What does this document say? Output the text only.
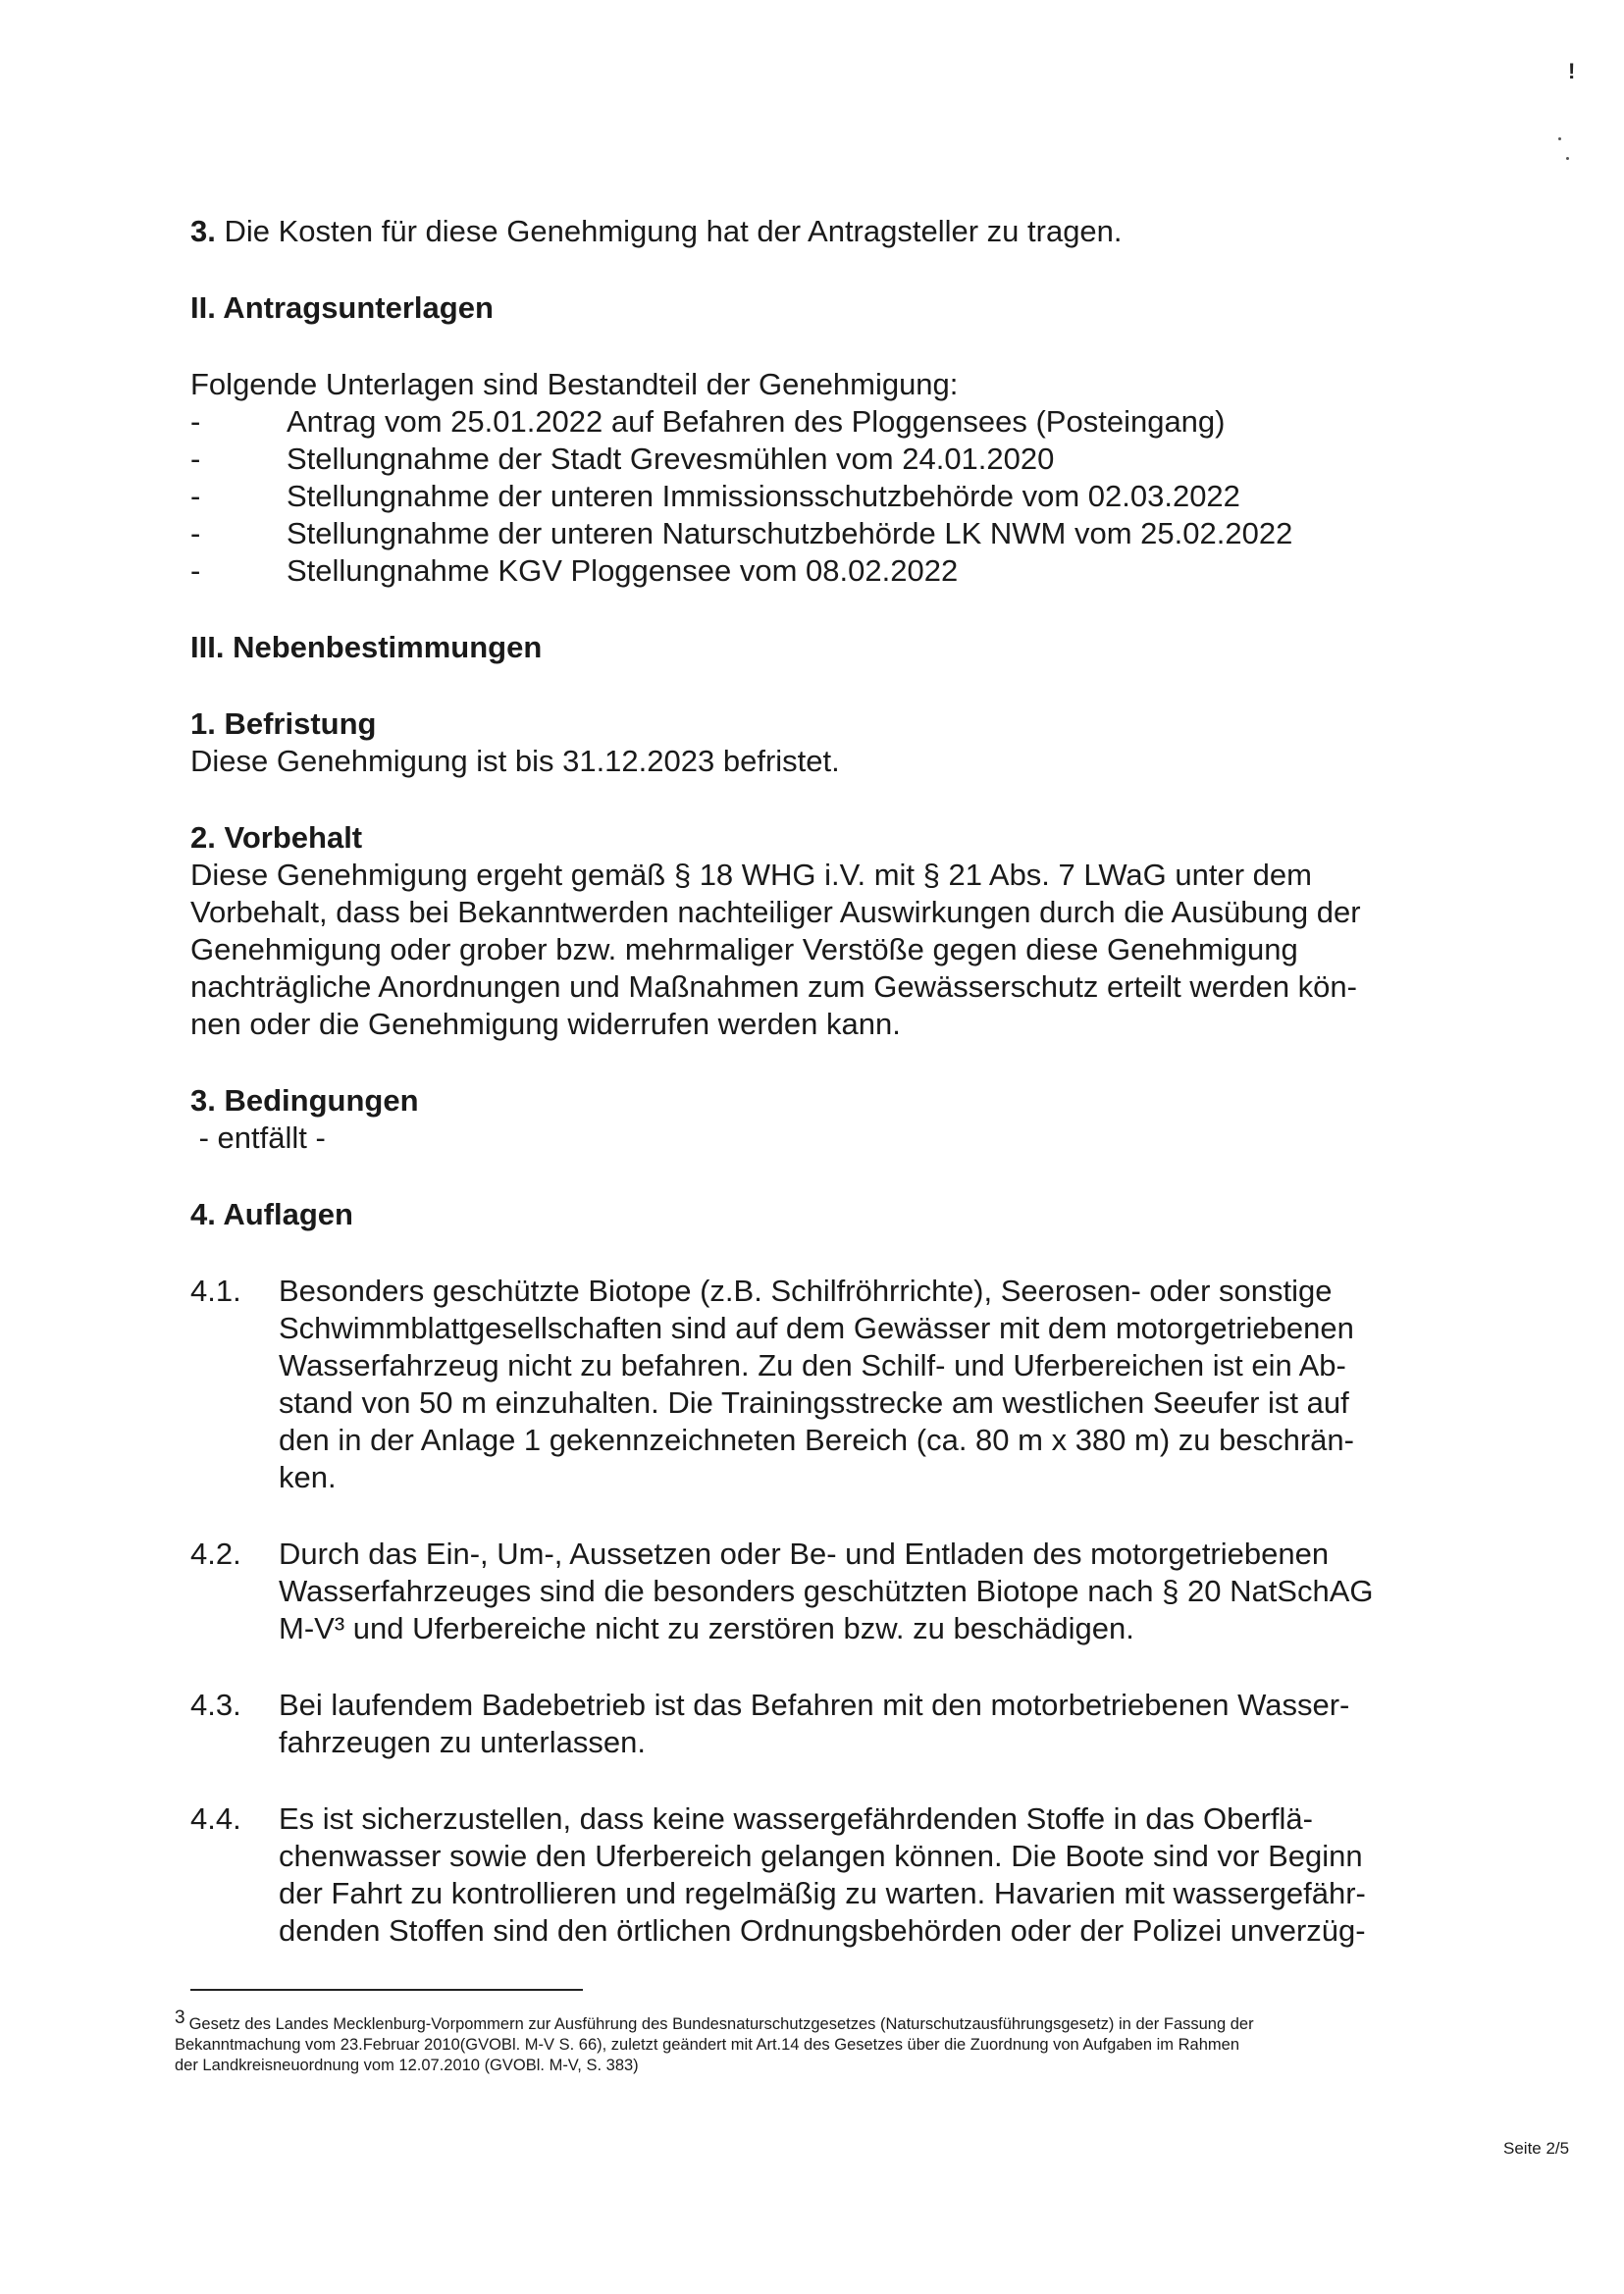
!
3. Die Kosten für diese Genehmigung hat der Antragsteller zu tragen.
II. Antragsunterlagen
Folgende Unterlagen sind Bestandteil der Genehmigung:
-	Antrag vom 25.01.2022 auf Befahren des Ploggensees (Posteingang)
-	Stellungnahme der Stadt Grevesmühlen vom 24.01.2020
-	Stellungnahme der unteren Immissionsschutzbehörde vom 02.03.2022
-	Stellungnahme der unteren Naturschutzbehörde LK NWM vom 25.02.2022
-	Stellungnahme KGV Ploggensee vom 08.02.2022
III. Nebenbestimmungen
1. Befristung
Diese Genehmigung ist bis 31.12.2023 befristet.
2. Vorbehalt
Diese Genehmigung ergeht gemäß § 18 WHG i.V. mit § 21 Abs. 7 LWaG unter dem
Vorbehalt, dass bei Bekanntwerden nachteiliger Auswirkungen durch die Ausübung der
Genehmigung oder grober bzw. mehrmaliger Verstöße gegen diese Genehmigung
nachträgliche Anordnungen und Maßnahmen zum Gewässerschutz erteilt werden kön-
nen oder die Genehmigung widerrufen werden kann.
3. Bedingungen
- entfällt -
4. Auflagen
4.1.	Besonders geschützte Biotope (z.B. Schilfröhrrichte), Seerosen- oder sonstige
Schwimmblattgesellschaften sind auf dem Gewässer mit dem motorgetriebenen
Wasserfahrzeug nicht zu befahren. Zu den Schilf- und Uferbereichen ist ein Ab-
stand von 50 m einzuhalten. Die Trainingsstrecke am westlichen Seeufer ist auf
den in der Anlage 1 gekennzeichneten Bereich (ca. 80 m x 380 m) zu beschrän-
ken.
4.2.	Durch das Ein-, Um-, Aussetzen oder Be- und Entladen des motorgetriebenen
Wasserfahrzeuges sind die besonders geschützten Biotope nach § 20 NatSchAG
M-V³ und Uferbereiche nicht zu zerstören bzw. zu beschädigen.
4.3.	Bei laufendem Badebetrieb ist das Befahren mit den motorbetriebenen Wasser-
fahrzeugen zu unterlassen.
4.4.	Es ist sicherzustellen, dass keine wassergefährdenden Stoffe in das Oberflä-
chenwasser sowie den Uferbereich gelangen können. Die Boote sind vor Beginn
der Fahrt zu kontrollieren und regelmäßig zu warten. Havarien mit wassergefähr-
denden Stoffen sind den örtlichen Ordnungsbehörden oder der Polizei unverzüg-
$^3$ Gesetz des Landes Mecklenburg-Vorpommern zur Ausführung des Bundesnaturschutzgesetzes (Naturschutzausführungsgesetz) in der Fassung der
Bekanntmachung vom 23.Februar 2010(GVOBl. M-V S. 66), zuletzt geändert mit Art.14 des Gesetzes über die Zuordnung von Aufgaben im Rahmen
der Landkreisneuordnung vom 12.07.2010 (GVOBl. M-V, S. 383)
Seite 2/5
